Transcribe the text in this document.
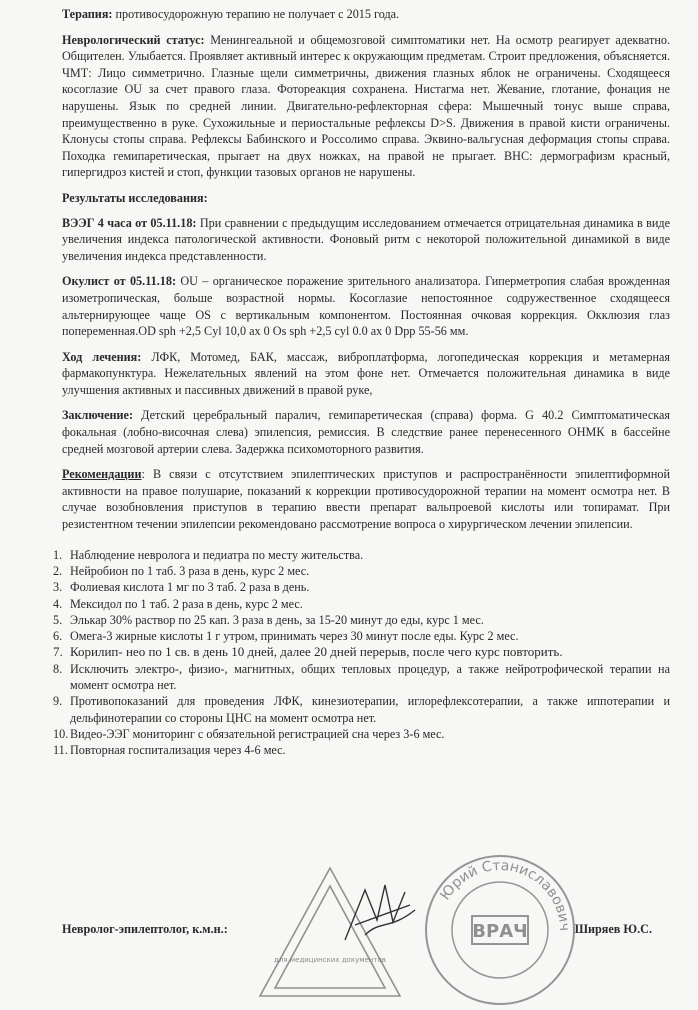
Терапия: противосудорожную терапию не получает с 2015 года.

Неврологический статус: Менингеальной и общемозговой симптоматики нет. На осмотр реагирует адекватно. Общителен. Улыбается. Проявляет активный интерес к окружающим предметам. Строит предложения, объясняется. ЧМТ: Лицо симметрично. Глазные щели симметричны, движения глазных яблок не ограничены. Сходящееся косоглазие OU за счет правого глаза. Фотореакция сохранена. Нистагма нет. Жевание, глотание, фонация не нарушены. Язык по средней линии. Двигательно-рефлекторная сфера: Мышечный тонус выше справа, преимущественно в руке. Сухожильные и периостальные рефлексы D>S. Движения в правой кисти ограничены. Клонусы стопы справа. Рефлексы Бабинского и Россолимо справа. Эквино-вальгусная деформация стопы справа. Походка гемипаретическая, прыгает на двух ножках, на правой не прыгает. ВНС: дермографизм красный, гипергидроз кистей и стоп, функции тазовых органов не нарушены.

Результаты исследования:

ВЭЭГ 4 часа от 05.11.18: При сравнении с предыдущим исследованием отмечается отрицательная динамика в виде увеличения индекса патологической активности. Фоновый ритм с некоторой положительной динамикой в виде увеличения индекса представленности.

Окулист от 05.11.18: OU – органическое поражение зрительного анализатора. Гиперметропия слабая врожденная изометропическая, больше возрастной нормы. Косоглазие непостоянное содружественное сходящееся альтернирующее чаще OS с вертикальным компонентом. Постоянная очковая коррекция. Окклюзия глаз попеременная.OD sph +2,5 Cyl 10,0 ax 0 Os sph +2,5 cyl 0.0 ax 0 Dpp 55-56 мм.

Ход лечения: ЛФК, Мотомед, БАК, массаж, виброплатформа, логопедическая коррекция и метамерная фармакопунктура. Нежелательных явлений на этом фоне нет. Отмечается положительная динамика в виде улучшения активных и пассивных движений в правой руке,

Заключение: Детский церебральный паралич, гемипаретическая (справа) форма. G 40.2 Симптоматическая фокальная (лобно-височная слева) эпилепсия, ремиссия. В следствие ранее перенесенного ОНМК в бассейне средней мозговой артерии слева. Задержка психомоторного развития.

Рекомендации: В связи с отсутствием эпилептических приступов и распространённости эпилептиформной активности на правое полушарие, показаний к коррекции противосудорожной терапии на момент осмотра нет. В случае возобновления приступов в терапию ввести препарат вальпроевой кислоты или топирамат. При резистентном течении эпилепсии рекомендовано рассмотрение вопроса о хирургическом лечении эпилепсии.

1. Наблюдение невролога и педиатра по месту жительства.
2. Нейробион по 1 таб. 3 раза в день, курс 2 мес.
3. Фолиевая кислота 1 мг по 3 таб. 2 раза в день.
4. Мексидол по 1 таб. 2 раза в день, курс 2 мес.
5. Элькар 30% раствор по 25 кап. 3 раза в день, за 15-20 минут до еды, курс 1 мес.
6. Омега-3 жирные кислоты 1 г утром, принимать через 30 минут после еды. Курс 2 мес.
7. Корилип- нео по 1 св. в день 10 дней, далее 20 дней перерыв, после чего курс повторить.
8. Исключить электро-, физио-, магнитных, общих тепловых процедур, а также нейротрофической терапии на момент осмотра нет.
9. Противопоказаний для проведения ЛФК, кинезиотерапии, иглорефлексотерапии, а также иппотерапии и дельфинотерапии со стороны ЦНС на момент осмотра нет.
10. Видео-ЭЭГ мониторинг с обязательной регистрацией сна через 3-6 мес.
11. Повторная госпитализация через 4-6 мес.
для медицинских документов
Юрий Станиславович
ВРАЧ
Невролог-эпилептолог, к.м.н.:	Ширяев Ю.С.
